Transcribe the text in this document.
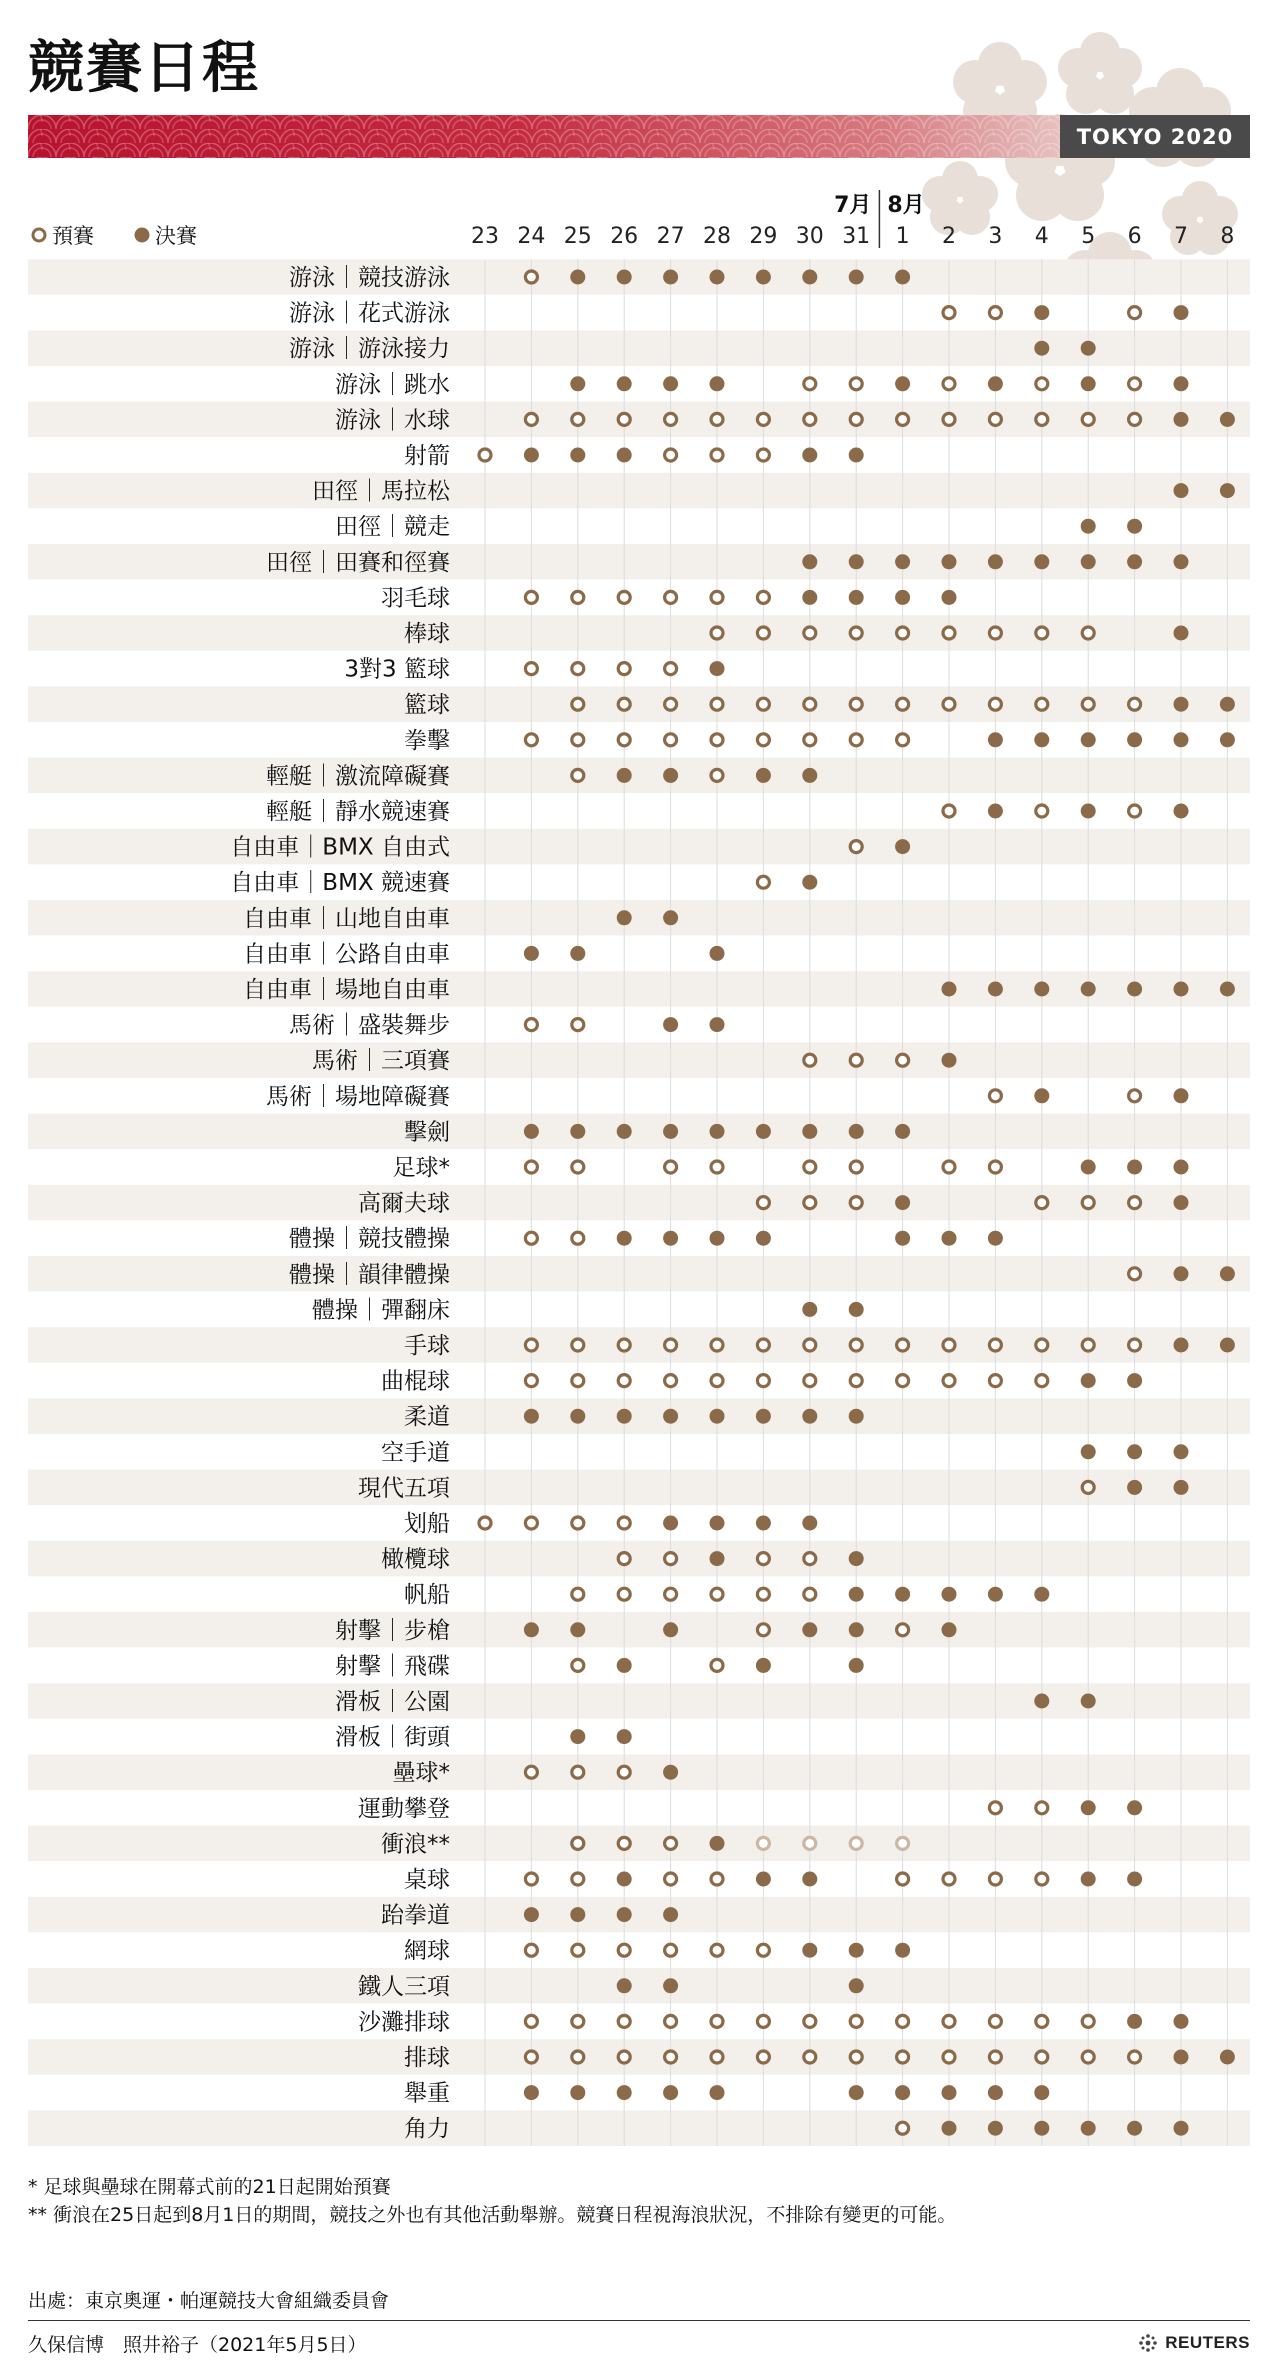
競賽日程
TOKYO 2020
7月 8月
23 24 25 26 27 28 29 30 31 1 2 3 4 5 6 7 8
預賽	決賽
游泳｜競技游泳
游泳｜花式游泳
游泳｜游泳接力
游泳｜跳水
游泳｜水球
射箭
田徑｜馬拉松
田徑｜競走
田徑｜田賽和徑賽
羽毛球
棒球
3對3 籃球
籃球
拳擊
輕艇｜激流障礙賽
輕艇｜靜水競速賽
自由車｜BMX 自由式
自由車｜BMX 競速賽
自由車｜山地自由車
自由車｜公路自由車
自由車｜場地自由車
馬術｜盛裝舞步
馬術｜三項賽
馬術｜場地障礙賽
擊劍
足球*
高爾夫球
體操｜競技體操
體操｜韻律體操
體操｜彈翻床
手球
曲棍球
柔道
空手道
現代五項
划船
橄欖球
帆船
射擊｜步槍
射擊｜飛碟
滑板｜公園
滑板｜街頭
壘球*
運動攀登
衝浪**
桌球
跆拳道
網球
鐵人三項
沙灘排球
排球
舉重
角力
* 足球與壘球在開幕式前的21日起開始預賽
** 衝浪在25日起到8月1日的期間，競技之外也有其他活動舉辦。競賽日程視海浪狀況，不排除有變更的可能。
出處：東京奧運・帕運競技大會組織委員會
久保信博　照井裕子（2021年5月5日）	REUTERS
